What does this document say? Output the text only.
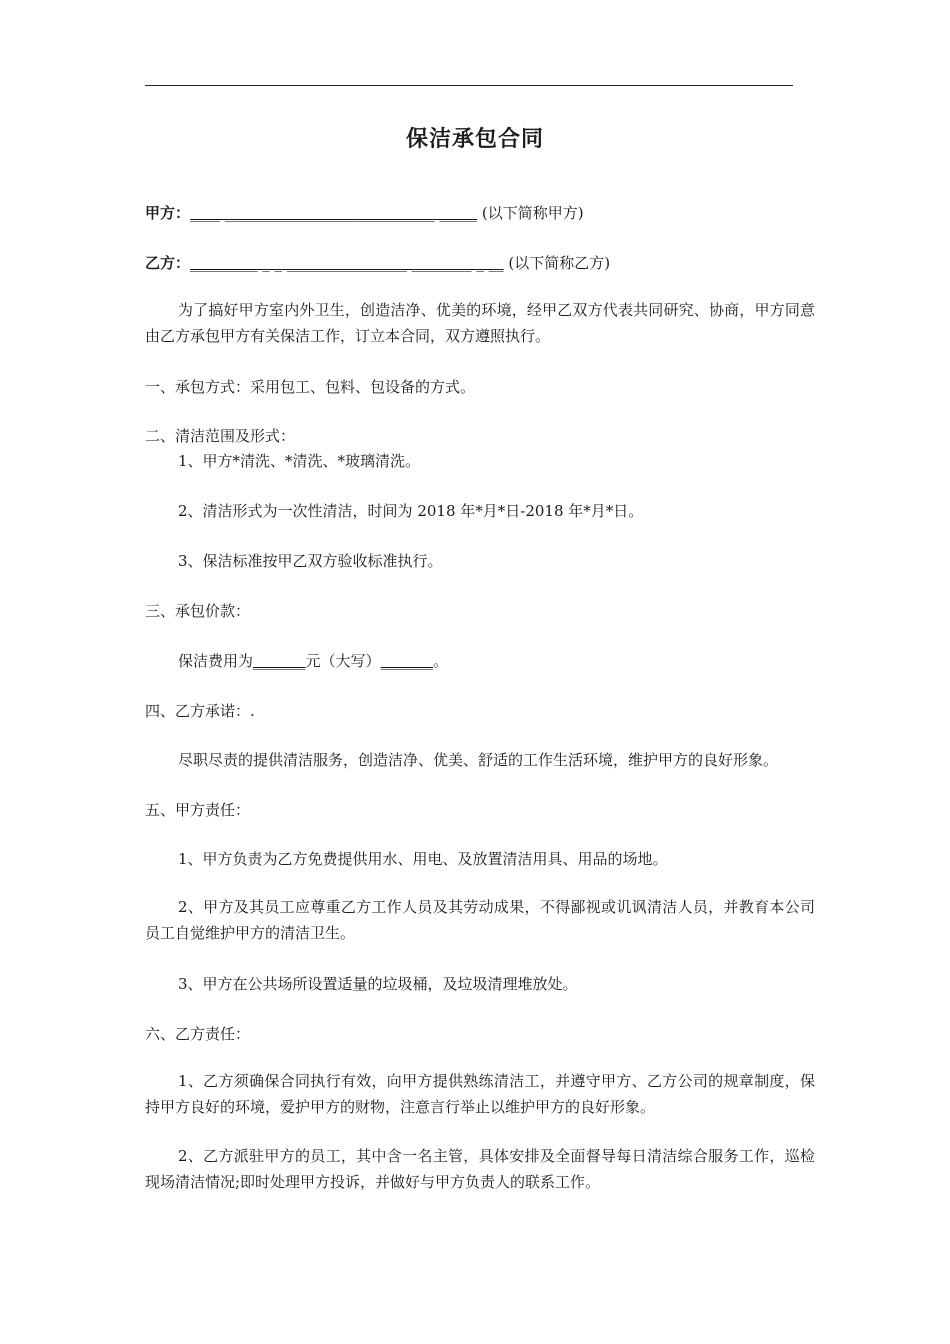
保洁承包合同
甲方：____ ____________________________ _____ (以下简称甲方)
乙方：_________ _ _ ________________ ________ _ __ (以下简称乙方)
为了搞好甲方室内外卫生，创造洁净、优美的环境，经甲乙双方代表共同研究、协商，甲方同意由乙方承包甲方有关保洁工作，订立本合同，双方遵照执行。
一、承包方式：采用包工、包料、包设备的方式。
二、清洁范围及形式：
1、甲方*清洗、*清洗、*玻璃清洗。
2、清洁形式为一次性清洁，时间为 2018 年*月*日-2018 年*月*日。
3、保洁标准按甲乙双方验收标准执行。
三、承包价款：
保洁费用为_______元（大写）_______。
四、乙方承诺：.
尽职尽责的提供清洁服务，创造洁净、优美、舒适的工作生活环境，维护甲方的良好形象。
五、甲方责任：
1、甲方负责为乙方免费提供用水、用电、及放置清洁用具、用品的场地。
2、甲方及其员工应尊重乙方工作人员及其劳动成果，不得鄙视或讥讽清洁人员，并教育本公司员工自觉维护甲方的清洁卫生。
3、甲方在公共场所设置适量的垃圾桶，及垃圾清理堆放处。
六、乙方责任：
1、乙方须确保合同执行有效，向甲方提供熟练清洁工，并遵守甲方、乙方公司的规章制度，保持甲方良好的环境，爱护甲方的财物，注意言行举止以维护甲方的良好形象。
2、乙方派驻甲方的员工，其中含一名主管，具体安排及全面督导每日清洁综合服务工作，巡检现场清洁情况;即时处理甲方投诉，并做好与甲方负责人的联系工作。
